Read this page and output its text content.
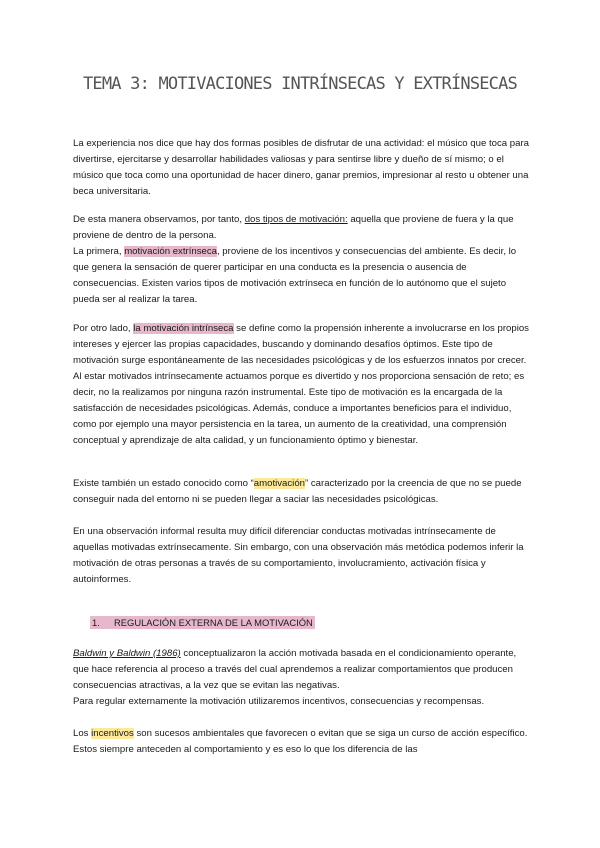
TEMA 3: MOTIVACIONES INTRÍNSECAS Y EXTRÍNSECAS

La experiencia nos dice que hay dos formas posibles de disfrutar de una actividad: el músico que toca para divertirse, ejercitarse y desarrollar habilidades valiosas y para sentirse libre y dueño de sí mismo; o el músico que toca como una oportunidad de hacer dinero, ganar premios, impresionar al resto u obtener una beca universitaria.

De esta manera observamos, por tanto, dos tipos de motivación: aquella que proviene de fuera y la que proviene de dentro de la persona.

La primera, motivación extrínseca, proviene de los incentivos y consecuencias del ambiente. Es decir, lo que genera la sensación de querer participar en una conducta es la presencia o ausencia de consecuencias. Existen varios tipos de motivación extrínseca en función de lo autónomo que el sujeto pueda ser al realizar la tarea.

Por otro lado, la motivación intrínseca se define como la propensión inherente a involucrarse en los propios intereses y ejercer las propias capacidades, buscando y dominando desafíos óptimos. Este tipo de motivación surge espontáneamente de las necesidades psicológicas y de los esfuerzos innatos por crecer. Al estar motivados intrínsecamente actuamos porque es divertido y nos proporciona sensación de reto; es decir, no la realizamos por ninguna razón instrumental. Este tipo de motivación es la encargada de la satisfacción de necesidades psicológicas. Además, conduce a importantes beneficios para el individuo, como por ejemplo una mayor persistencia en la tarea, un aumento de la creatividad, una comprensión conceptual y aprendizaje de alta calidad, y un funcionamiento óptimo y bienestar.

Existe también un estado conocido como “amotivación” caracterizado por la creencia de que no se puede conseguir nada del entorno ni se pueden llegar a saciar las necesidades psicológicas.

En una observación informal resulta muy difícil diferenciar conductas motivadas intrínsecamente de aquellas motivadas extrínsecamente. Sin embargo, con una observación más metódica podemos inferir la motivación de otras personas a través de su comportamiento, involucramiento, activación física y autoinformes.

1. REGULACIÓN EXTERNA DE LA MOTIVACIÓN

Baldwin y Baldwin (1986) conceptualizaron la acción motivada basada en el condicionamiento operante, que hace referencia al proceso a través del cual aprendemos a realizar comportamientos que producen consecuencias atractivas, a la vez que se evitan las negativas.

Para regular externamente la motivación utilizaremos incentivos, consecuencias y recompensas.

Los incentivos son sucesos ambientales que favorecen o evitan que se siga un curso de acción específico. Estos siempre anteceden al comportamiento y es eso lo que los diferencia de las
